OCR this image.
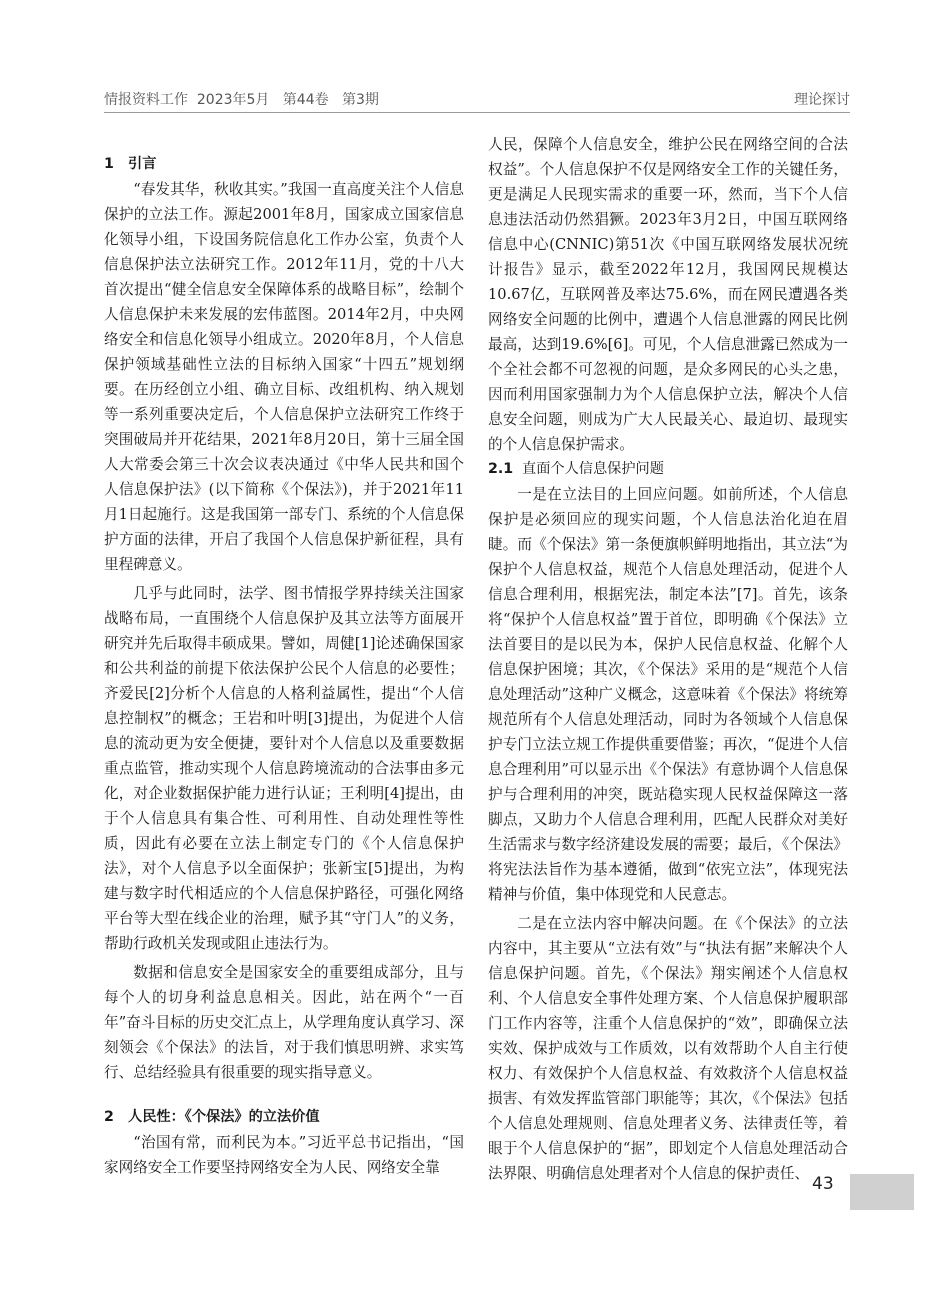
情报资料工作  2023年5月   第44卷   第3期	理论探讨

1 引言

“春发其华，秋收其实。”我国一直高度关注个人信息保护的立法工作。源起2001年8月，国家成立国家信息化领导小组，下设国务院信息化工作办公室，负责个人信息保护法立法研究工作。2012年11月，党的十八大首次提出“健全信息安全保障体系的战略目标”，绘制个人信息保护未来发展的宏伟蓝图。2014年2月，中央网络安全和信息化领导小组成立。2020年8月，个人信息保护领域基础性立法的目标纳入国家“十四五”规划纲要。在历经创立小组、确立目标、改组机构、纳入规划等一系列重要决定后，个人信息保护立法研究工作终于突围破局并开花结果，2021年8月20日，第十三届全国人大常委会第三十次会议表决通过《中华人民共和国个人信息保护法》(以下简称《个保法》)，并于2021年11月1日起施行。这是我国第一部专门、系统的个人信息保护方面的法律，开启了我国个人信息保护新征程，具有里程碑意义。

几乎与此同时，法学、图书情报学界持续关注国家战略布局，一直围绕个人信息保护及其立法等方面展开研究并先后取得丰硕成果。譬如，周健[1]论述确保国家和公共利益的前提下依法保护公民个人信息的必要性；齐爱民[2]分析个人信息的人格利益属性，提出“个人信息控制权”的概念；王岩和叶明[3]提出，为促进个人信息的流动更为安全便捷，要针对个人信息以及重要数据重点监管，推动实现个人信息跨境流动的合法事由多元化，对企业数据保护能力进行认证；王利明[4]提出，由于个人信息具有集合性、可利用性、自动处理性等性质，因此有必要在立法上制定专门的《个人信息保护法》，对个人信息予以全面保护；张新宝[5]提出，为构建与数字时代相适应的个人信息保护路径，可强化网络平台等大型在线企业的治理，赋予其“守门人”的义务，帮助行政机关发现或阻止违法行为。

数据和信息安全是国家安全的重要组成部分，且与每个人的切身利益息息相关。因此，站在两个“一百年”奋斗目标的历史交汇点上，从学理角度认真学习、深刻领会《个保法》的法旨，对于我们慎思明辨、求实笃行、总结经验具有很重要的现实指导意义。

2 人民性：《个保法》的立法价值

“治国有常，而利民为本。”习近平总书记指出，“国家网络安全工作要坚持网络安全为人民、网络安全靠

人民，保障个人信息安全，维护公民在网络空间的合法权益”。个人信息保护不仅是网络安全工作的关键任务，更是满足人民现实需求的重要一环，然而，当下个人信息违法活动仍然猖獗。2023年3月2日，中国互联网络信息中心(CNNIC)第51次《中国互联网络发展状况统计报告》显示，截至2022年12月，我国网民规模达10.67亿，互联网普及率达75.6%，而在网民遭遇各类网络安全问题的比例中，遭遇个人信息泄露的网民比例最高，达到19.6%[6]。可见，个人信息泄露已然成为一个全社会都不可忽视的问题，是众多网民的心头之患，因而利用国家强制力为个人信息保护立法，解决个人信息安全问题，则成为广大人民最关心、最迫切、最现实的个人信息保护需求。

2.1 直面个人信息保护问题

一是在立法目的上回应问题。如前所述，个人信息保护是必须回应的现实问题，个人信息法治化迫在眉睫。而《个保法》第一条便旗帜鲜明地指出，其立法“为保护个人信息权益，规范个人信息处理活动，促进个人信息合理利用，根据宪法，制定本法”[7]。首先，该条将“保护个人信息权益”置于首位，即明确《个保法》立法首要目的是以民为本，保护人民信息权益、化解个人信息保护困境；其次，《个保法》采用的是“规范个人信息处理活动”这种广义概念，这意味着《个保法》将统筹规范所有个人信息处理活动，同时为各领域个人信息保护专门立法立规工作提供重要借鉴；再次，“促进个人信息合理利用”可以显示出《个保法》有意协调个人信息保护与合理利用的冲突，既站稳实现人民权益保障这一落脚点，又助力个人信息合理利用，匹配人民群众对美好生活需求与数字经济建设发展的需要；最后，《个保法》将宪法法旨作为基本遵循，做到“依宪立法”，体现宪法精神与价值，集中体现党和人民意志。

二是在立法内容中解决问题。在《个保法》的立法内容中，其主要从“立法有效”与“执法有据”来解决个人信息保护问题。首先，《个保法》翔实阐述个人信息权利、个人信息安全事件处理方案、个人信息保护履职部门工作内容等，注重个人信息保护的“效”，即确保立法实效、保护成效与工作质效，以有效帮助个人自主行使权力、有效保护个人信息权益、有效救济个人信息权益损害、有效发挥监管部门职能等；其次，《个保法》包括个人信息处理规则、信息处理者义务、法律责任等，着眼于个人信息保护的“据”，即划定个人信息处理活动合法界限、明确信息处理者对个人信息的保护责任、

43
